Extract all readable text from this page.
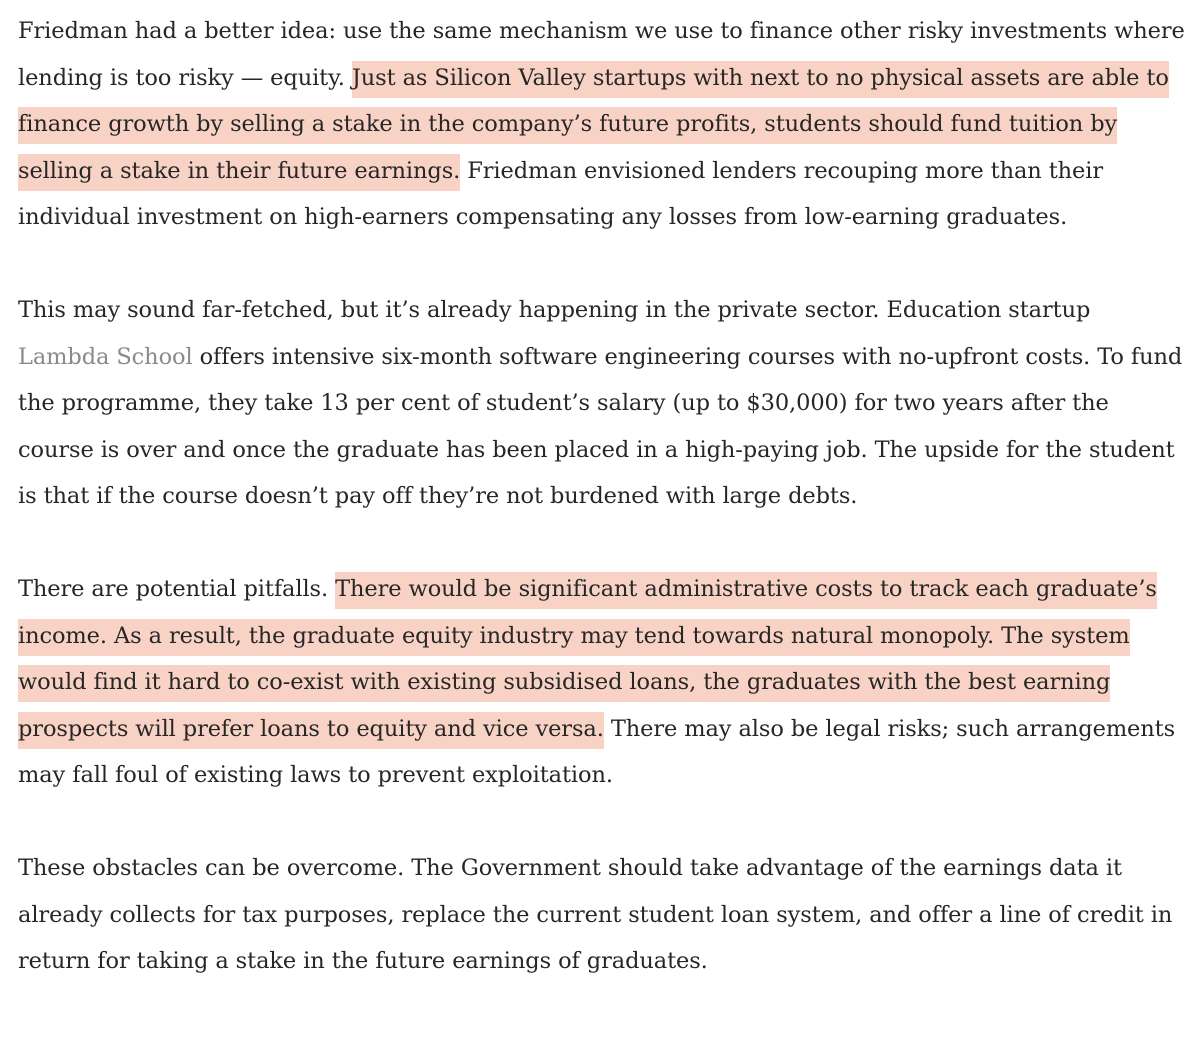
Friedman had a better idea: use the same mechanism we use to finance other risky investments where lending is too risky — equity. Just as Silicon Valley startups with next to no physical assets are able to finance growth by selling a stake in the company’s future profits, students should fund tuition by selling a stake in their future earnings. Friedman envisioned lenders recouping more than their individual investment on high-earners compensating any losses from low-earning graduates.

This may sound far-fetched, but it’s already happening in the private sector. Education startup Lambda School offers intensive six-month software engineering courses with no-upfront costs. To fund the programme, they take 13 per cent of student’s salary (up to $30,000) for two years after the course is over and once the graduate has been placed in a high-paying job. The upside for the student is that if the course doesn’t pay off they’re not burdened with large debts.

There are potential pitfalls. There would be significant administrative costs to track each graduate’s income. As a result, the graduate equity industry may tend towards natural monopoly. The system would find it hard to co-exist with existing subsidised loans, the graduates with the best earning prospects will prefer loans to equity and vice versa. There may also be legal risks; such arrangements may fall foul of existing laws to prevent exploitation.

These obstacles can be overcome. The Government should take advantage of the earnings data it already collects for tax purposes, replace the current student loan system, and offer a line of credit in return for taking a stake in the future earnings of graduates.
